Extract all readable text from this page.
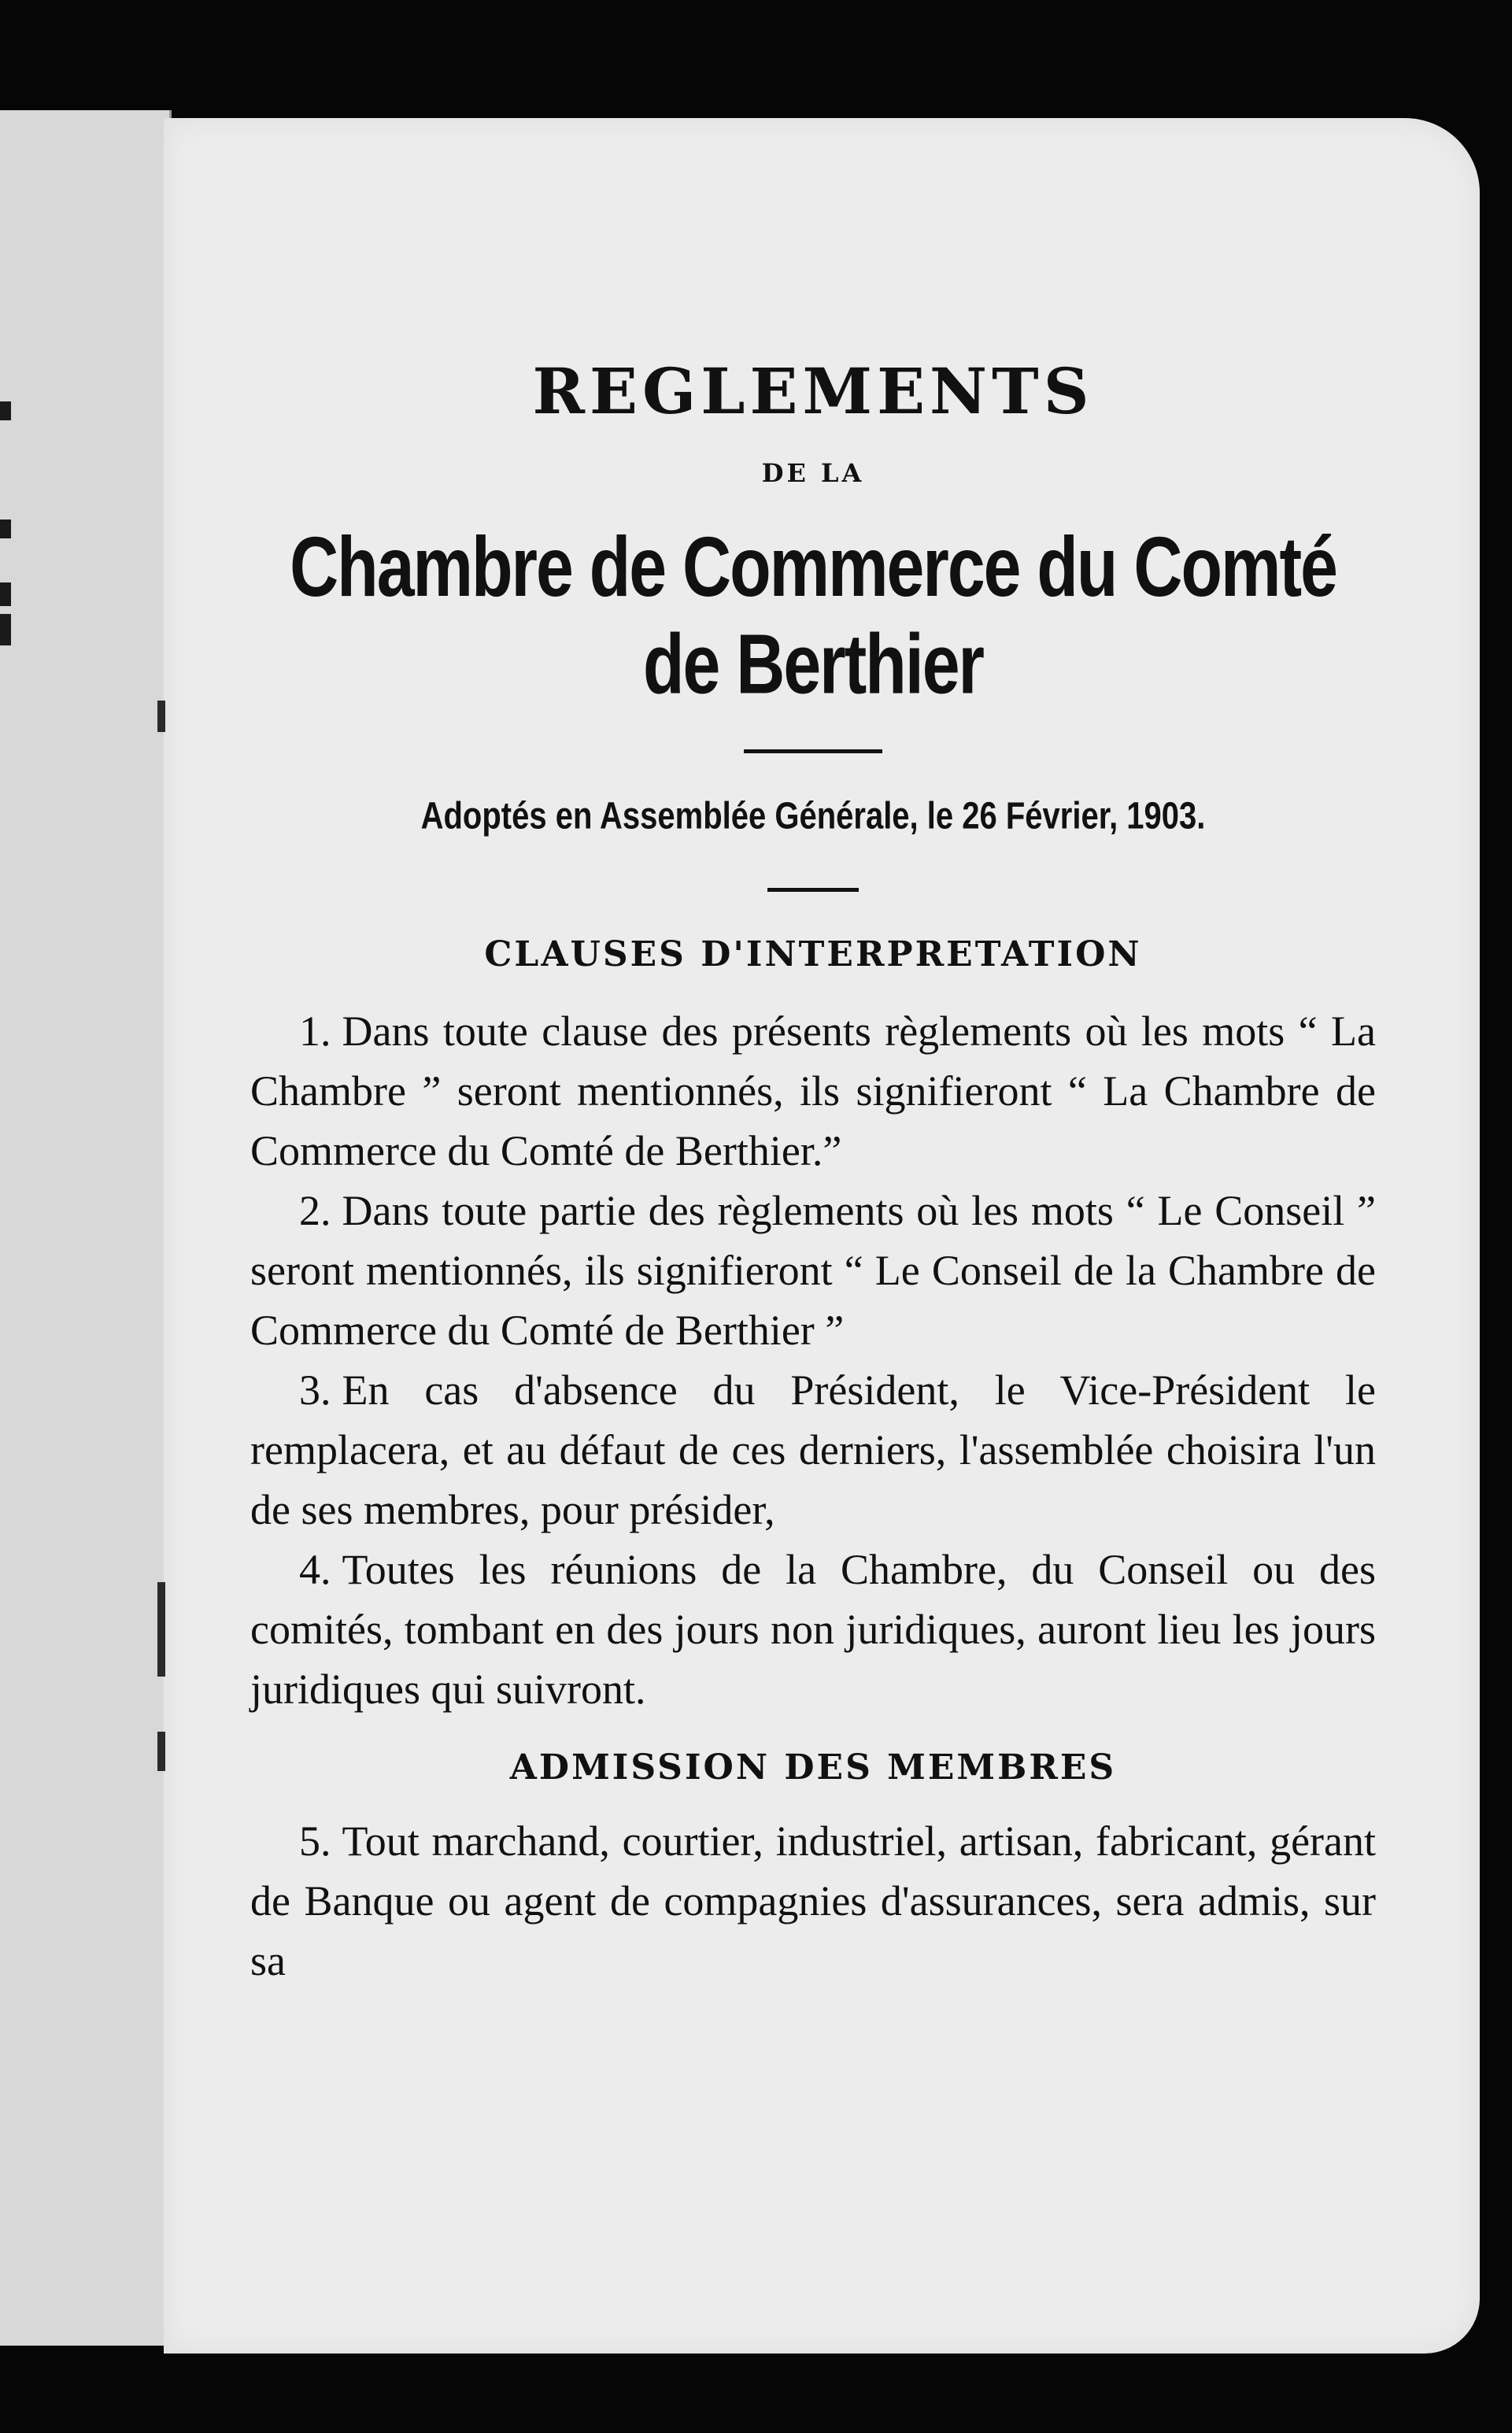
REGLEMENTS

DE LA

Chambre de Commerce du Comté de Berthier

Adoptés en Assemblée Générale, le 26 Février, 1903.

CLAUSES D'INTERPRETATION

1. Dans toute clause des présents règlements où les mots “ La Chambre ” seront mentionnés, ils signifieront “ La Chambre de Commerce du Comté de Berthier.”

2. Dans toute partie des règlements où les mots “ Le Conseil ” seront mentionnés, ils signifieront “ Le Conseil de la Chambre de Commerce du Comté de Berthier ”

3. En cas d'absence du Président, le Vice-Président le remplacera, et au défaut de ces derniers, l'assemblée choisira l'un de ses membres, pour présider,

4. Toutes les réunions de la Chambre, du Conseil ou des comités, tombant en des jours non juridiques, auront lieu les jours juridiques qui suivront.

ADMISSION DES MEMBRES

5. Tout marchand, courtier, industriel, artisan, fabricant, gérant de Banque ou agent de compagnies d'assurances, sera admis, sur sa
